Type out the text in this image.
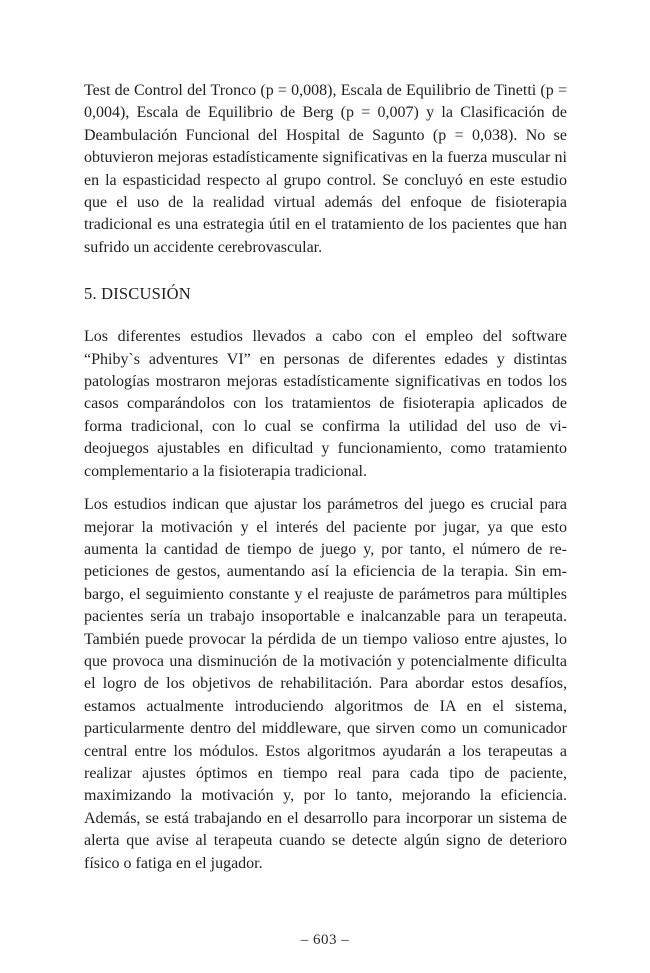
Test de Control del Tronco (p = 0,008), Escala de Equilibrio de Tinetti (p = 0,004), Escala de Equilibrio de Berg (p = 0,007) y la Clasificación de Deambulación Funcional del Hospital de Sagunto (p = 0,038). No se obtuvieron mejoras estadísticamente significativas en la fuerza muscular ni en la espasticidad respecto al grupo control. Se concluyó en este estudio que el uso de la realidad virtual además del enfoque de fisioterapia tradicional es una estrategia útil en el tratamiento de los pacientes que han sufrido un accidente cerebrovascular.

5. DISCUSIÓN

Los diferentes estudios llevados a cabo con el empleo del software “Phiby`s adventures VI” en personas de diferentes edades y distintas patologías mostraron mejoras estadísticamente significativas en todos los casos comparándolos con los tratamientos de fisioterapia aplicados de forma tradicional, con lo cual se confirma la utilidad del uso de videojuegos ajustables en dificultad y funcionamiento, como tratamiento complementario a la fisioterapia tradicional.

Los estudios indican que ajustar los parámetros del juego es crucial para mejorar la motivación y el interés del paciente por jugar, ya que esto aumenta la cantidad de tiempo de juego y, por tanto, el número de repeticiones de gestos, aumentando así la eficiencia de la terapia. Sin embargo, el seguimiento constante y el reajuste de parámetros para múltiples pacientes sería un trabajo insoportable e inalcanzable para un terapeuta. También puede provocar la pérdida de un tiempo valioso entre ajustes, lo que provoca una disminución de la motivación y potencialmente dificulta el logro de los objetivos de rehabilitación. Para abordar estos desafíos, estamos actualmente introduciendo algoritmos de IA en el sistema, particularmente dentro del middleware, que sirven como un comunicador central entre los módulos. Estos algoritmos ayudarán a los terapeutas a realizar ajustes óptimos en tiempo real para cada tipo de paciente, maximizando la motivación y, por lo tanto, mejorando la eficiencia. Además, se está trabajando en el desarrollo para incorporar un sistema de alerta que avise al terapeuta cuando se detecte algún signo de deterioro físico o fatiga en el jugador.

– 603 –
